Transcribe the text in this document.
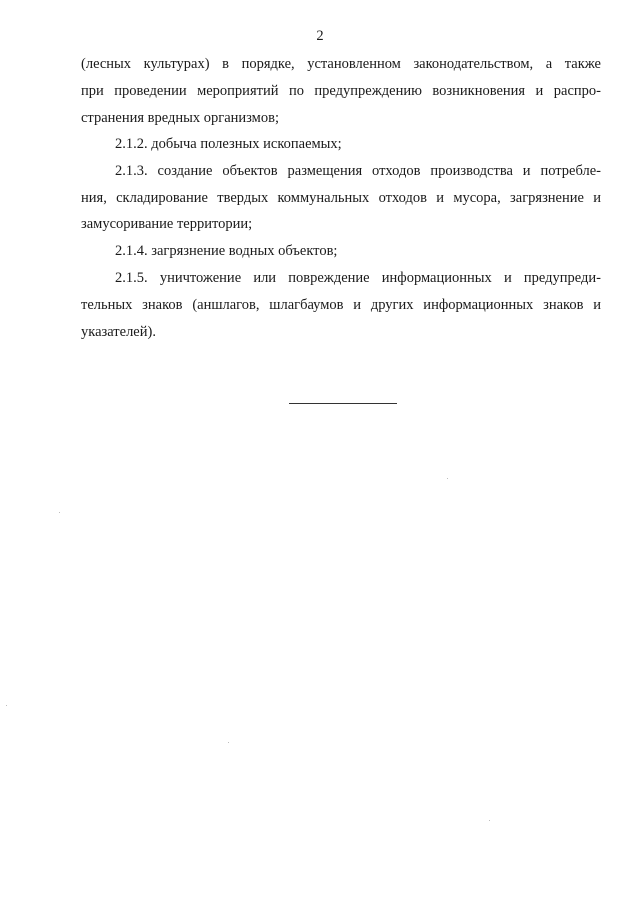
2
(лесных культурах) в порядке, установленном законодательством, а также
при проведении мероприятий по предупреждению возникновения и распро-
странения вредных организмов;
2.1.2. добыча полезных ископаемых;
2.1.3. создание объектов размещения отходов производства и потребле-
ния, складирование твердых коммунальных отходов и мусора, загрязнение и
замусоривание территории;
2.1.4. загрязнение водных объектов;
2.1.5. уничтожение или повреждение информационных и предупреди-
тельных знаков (аншлагов, шлагбаумов и других информационных знаков и
указателей).
